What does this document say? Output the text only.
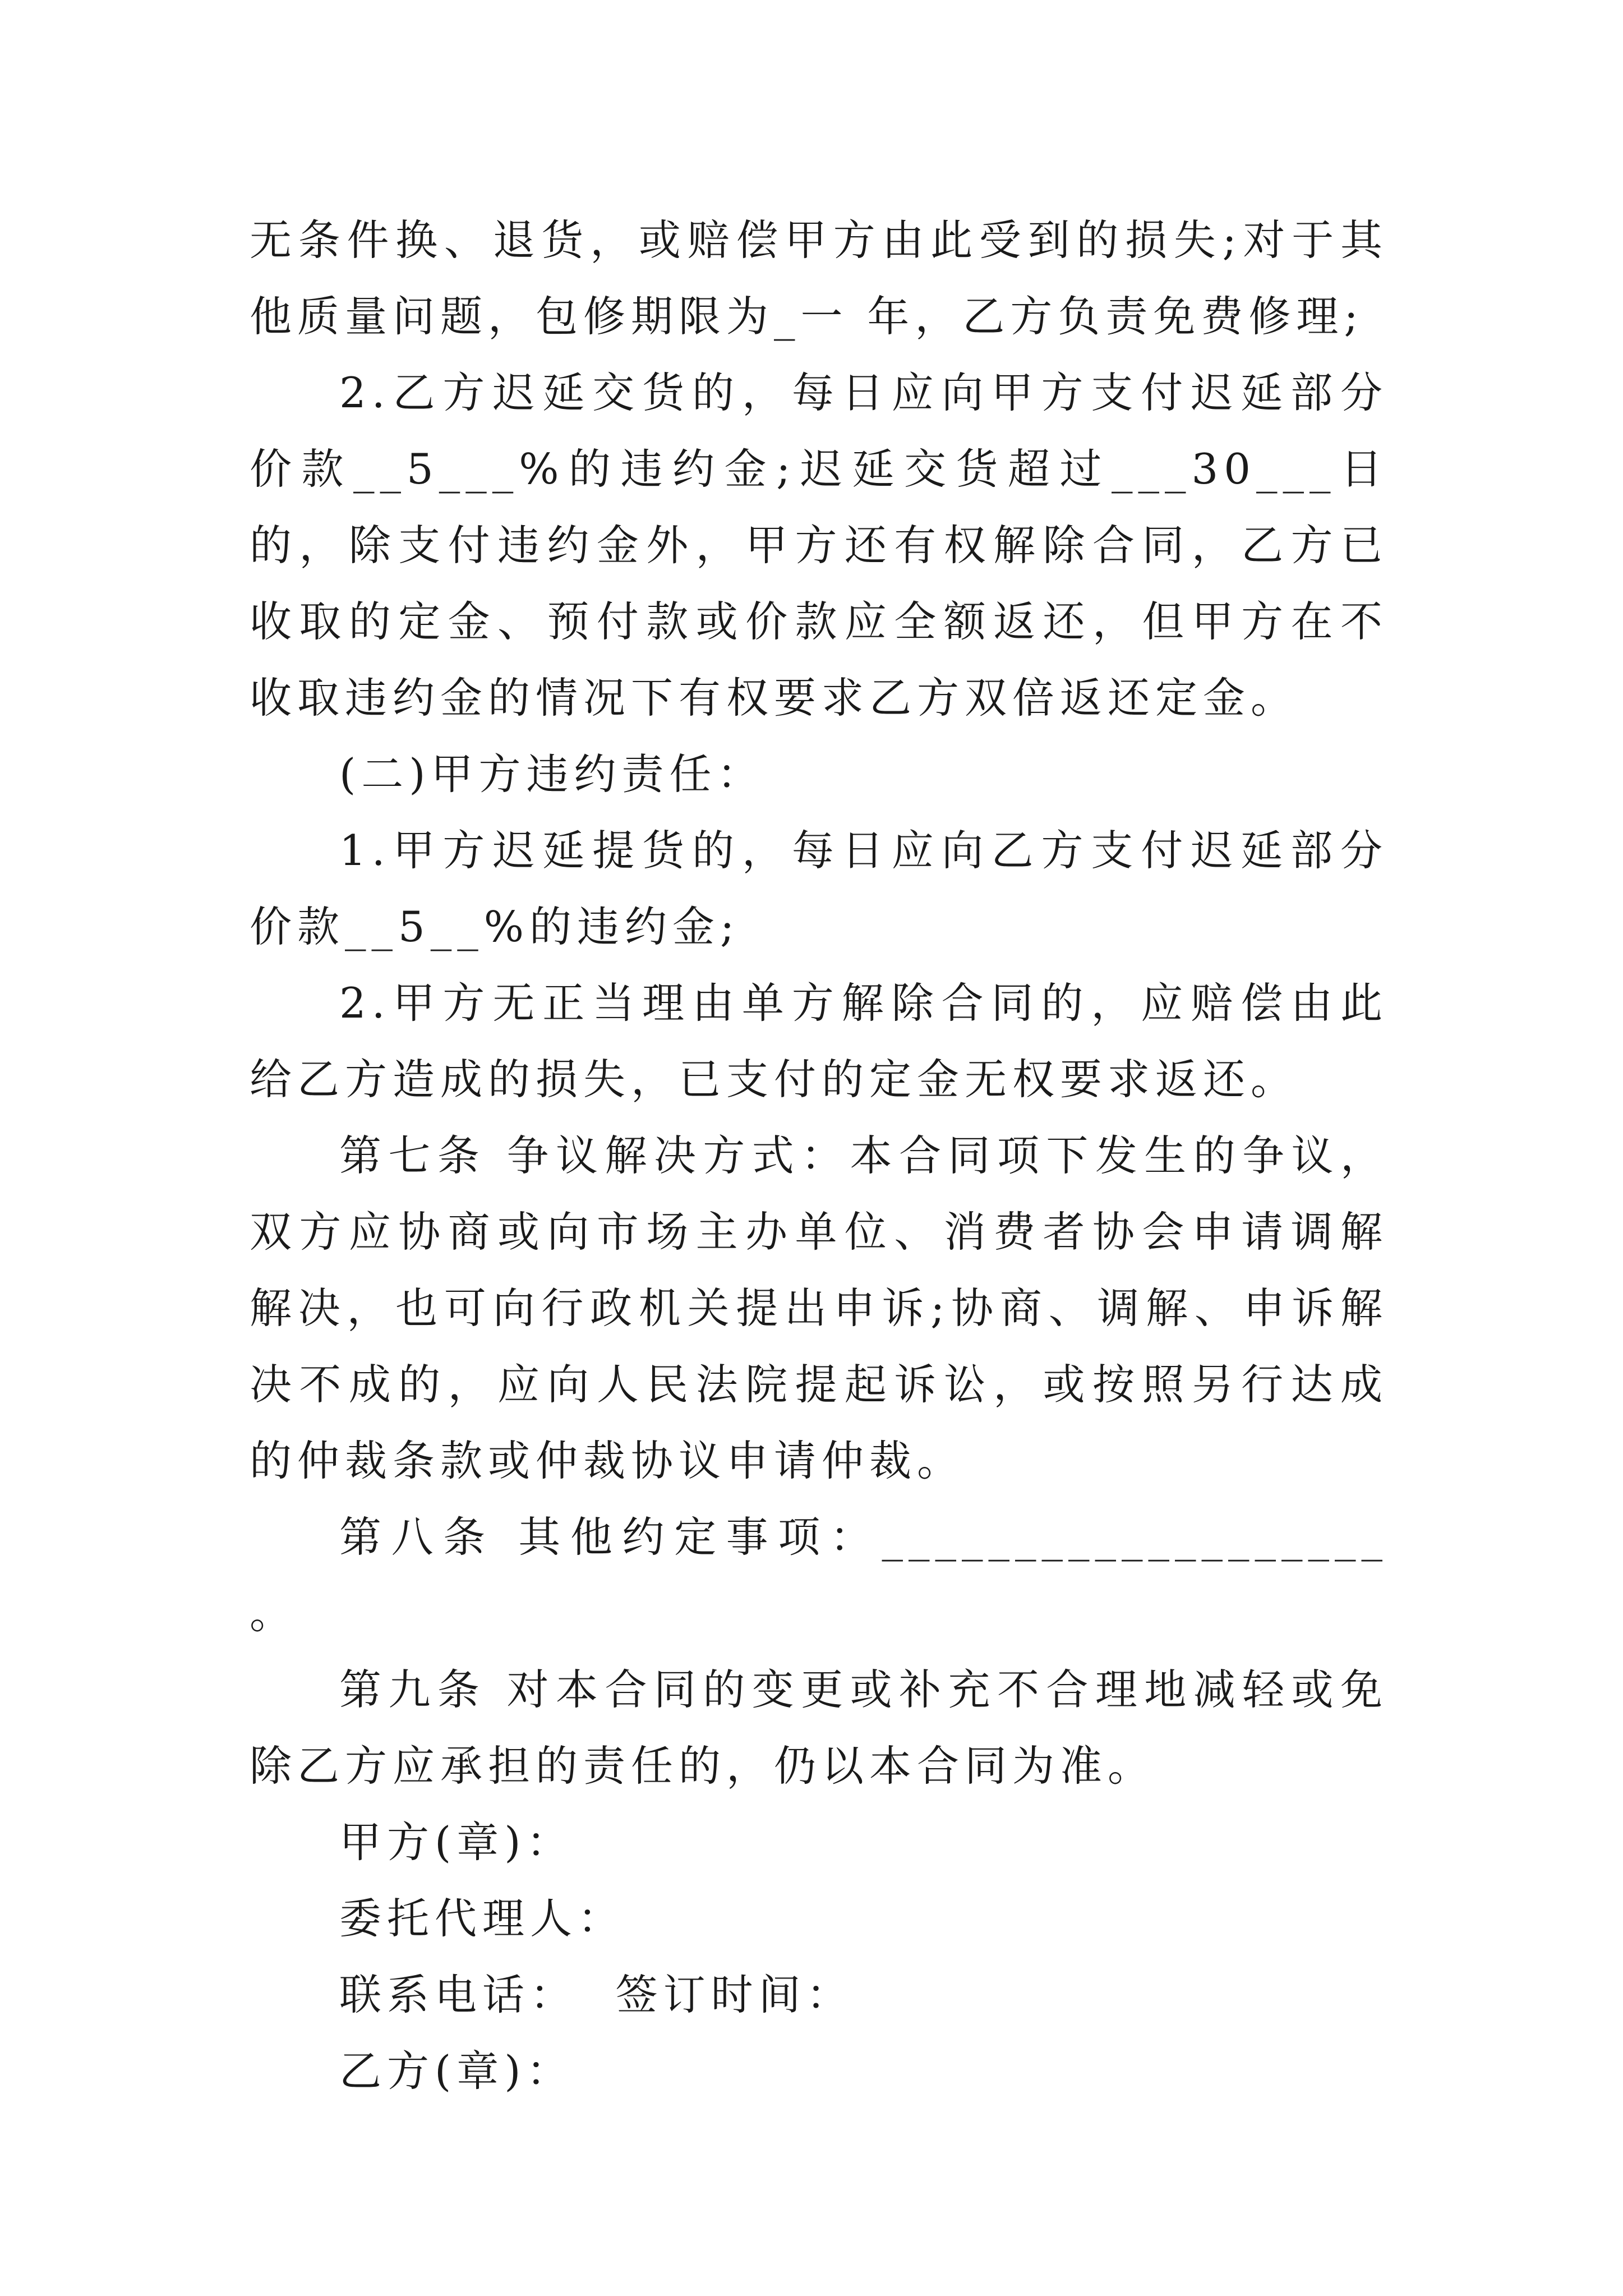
无条件换、退货，或赔偿甲方由此受到的损失;对于其他质量问题，包修期限为_一 年，乙方负责免费修理;

2.乙方迟延交货的，每日应向甲方支付迟延部分价款__5___%的违约金;迟延交货超过___30___日的，除支付违约金外，甲方还有权解除合同，乙方已收取的定金、预付款或价款应全额返还，但甲方在不收取违约金的情况下有权要求乙方双倍返还定金。

(二)甲方违约责任：

1.甲方迟延提货的，每日应向乙方支付迟延部分价款__5__%的违约金;

2.甲方无正当理由单方解除合同的，应赔偿由此给乙方造成的损失，已支付的定金无权要求返还。

第七条 争议解决方式：本合同项下发生的争议，双方应协商或向市场主办单位、消费者协会申请调解解决，也可向行政机关提出申诉;协商、调解、申诉解决不成的，应向人民法院提起诉讼，或按照另行达成的仲裁条款或仲裁协议申请仲裁。

第八条 其他约定事项：___________________ 。

第九条 对本合同的变更或补充不合理地减轻或免除乙方应承担的责任的，仍以本合同为准。

甲方(章)：

委托代理人：

联系电话：  签订时间：

乙方(章)：
